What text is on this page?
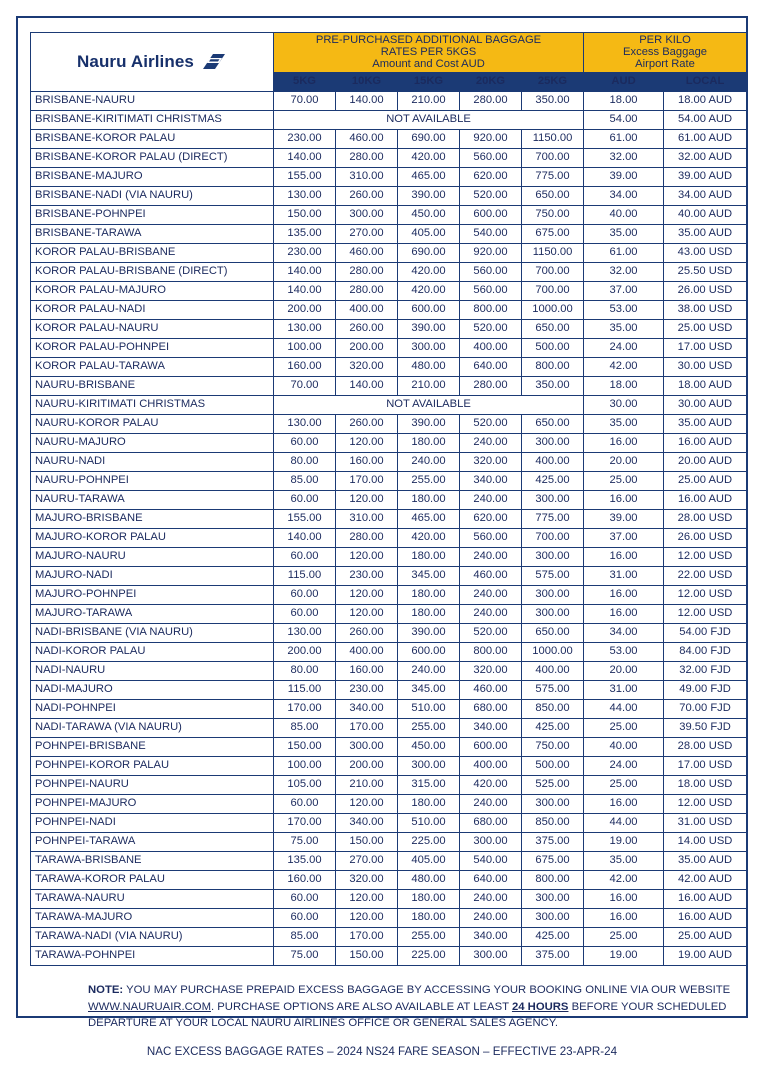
Nauru Airlines	PRE-PURCHASED ADDITIONAL BAGGAGE
RATES PER 5KGS
Amount and Cost AUD					PER KILO
Excess Baggage
Airport Rate	

	5KG	10KG	15KG	20KG	25KG	AUD	LOCAL
BRISBANE-NAURU	70.00	140.00	210.00	280.00	350.00	18.00	18.00 AUD
BRISBANE-KIRITIMATI CHRISTMAS	NOT AVAILABLE					54.00	54.00 AUD
BRISBANE-KOROR PALAU	230.00	460.00	690.00	920.00	1150.00	61.00	61.00 AUD
BRISBANE-KOROR PALAU (DIRECT)	140.00	280.00	420.00	560.00	700.00	32.00	32.00 AUD
BRISBANE-MAJURO	155.00	310.00	465.00	620.00	775.00	39.00	39.00 AUD
BRISBANE-NADI (VIA NAURU)	130.00	260.00	390.00	520.00	650.00	34.00	34.00 AUD
BRISBANE-POHNPEI	150.00	300.00	450.00	600.00	750.00	40.00	40.00 AUD
BRISBANE-TARAWA	135.00	270.00	405.00	540.00	675.00	35.00	35.00 AUD
KOROR PALAU-BRISBANE	230.00	460.00	690.00	920.00	1150.00	61.00	43.00 USD
KOROR PALAU-BRISBANE (DIRECT)	140.00	280.00	420.00	560.00	700.00	32.00	25.50 USD
KOROR PALAU-MAJURO	140.00	280.00	420.00	560.00	700.00	37.00	26.00 USD
KOROR PALAU-NADI	200.00	400.00	600.00	800.00	1000.00	53.00	38.00 USD
KOROR PALAU-NAURU	130.00	260.00	390.00	520.00	650.00	35.00	25.00 USD
KOROR PALAU-POHNPEI	100.00	200.00	300.00	400.00	500.00	24.00	17.00 USD
KOROR PALAU-TARAWA	160.00	320.00	480.00	640.00	800.00	42.00	30.00 USD
NAURU-BRISBANE	70.00	140.00	210.00	280.00	350.00	18.00	18.00 AUD
NAURU-KIRITIMATI CHRISTMAS	NOT AVAILABLE					30.00	30.00 AUD
NAURU-KOROR PALAU	130.00	260.00	390.00	520.00	650.00	35.00	35.00 AUD
NAURU-MAJURO	60.00	120.00	180.00	240.00	300.00	16.00	16.00 AUD
NAURU-NADI	80.00	160.00	240.00	320.00	400.00	20.00	20.00 AUD
NAURU-POHNPEI	85.00	170.00	255.00	340.00	425.00	25.00	25.00 AUD
NAURU-TARAWA	60.00	120.00	180.00	240.00	300.00	16.00	16.00 AUD
MAJURO-BRISBANE	155.00	310.00	465.00	620.00	775.00	39.00	28.00 USD
MAJURO-KOROR PALAU	140.00	280.00	420.00	560.00	700.00	37.00	26.00 USD
MAJURO-NAURU	60.00	120.00	180.00	240.00	300.00	16.00	12.00 USD
MAJURO-NADI	115.00	230.00	345.00	460.00	575.00	31.00	22.00 USD
MAJURO-POHNPEI	60.00	120.00	180.00	240.00	300.00	16.00	12.00 USD
MAJURO-TARAWA	60.00	120.00	180.00	240.00	300.00	16.00	12.00 USD
NADI-BRISBANE (VIA NAURU)	130.00	260.00	390.00	520.00	650.00	34.00	54.00 FJD
NADI-KOROR PALAU	200.00	400.00	600.00	800.00	1000.00	53.00	84.00 FJD
NADI-NAURU	80.00	160.00	240.00	320.00	400.00	20.00	32.00 FJD
NADI-MAJURO	115.00	230.00	345.00	460.00	575.00	31.00	49.00 FJD
NADI-POHNPEI	170.00	340.00	510.00	680.00	850.00	44.00	70.00 FJD
NADI-TARAWA (VIA NAURU)	85.00	170.00	255.00	340.00	425.00	25.00	39.50 FJD
POHNPEI-BRISBANE	150.00	300.00	450.00	600.00	750.00	40.00	28.00 USD
POHNPEI-KOROR PALAU	100.00	200.00	300.00	400.00	500.00	24.00	17.00 USD
POHNPEI-NAURU	105.00	210.00	315.00	420.00	525.00	25.00	18.00 USD
POHNPEI-MAJURO	60.00	120.00	180.00	240.00	300.00	16.00	12.00 USD
POHNPEI-NADI	170.00	340.00	510.00	680.00	850.00	44.00	31.00 USD
POHNPEI-TARAWA	75.00	150.00	225.00	300.00	375.00	19.00	14.00 USD
TARAWA-BRISBANE	135.00	270.00	405.00	540.00	675.00	35.00	35.00 AUD
TARAWA-KOROR PALAU	160.00	320.00	480.00	640.00	800.00	42.00	42.00 AUD
TARAWA-NAURU	60.00	120.00	180.00	240.00	300.00	16.00	16.00 AUD
TARAWA-MAJURO	60.00	120.00	180.00	240.00	300.00	16.00	16.00 AUD
TARAWA-NADI (VIA NAURU)	85.00	170.00	255.00	340.00	425.00	25.00	25.00 AUD
TARAWA-POHNPEI	75.00	150.00	225.00	300.00	375.00	19.00	19.00 AUD
NOTE: YOU MAY PURCHASE PREPAID EXCESS BAGGAGE BY ACCESSING YOUR BOOKING ONLINE VIA OUR WEBSITE WWW.NAURUAIR.COM. PURCHASE OPTIONS ARE ALSO AVAILABLE AT LEAST 24 HOURS BEFORE YOUR SCHEDULED DEPARTURE AT YOUR LOCAL NAURU AIRLINES OFFICE OR GENERAL SALES AGENCY.
NAC EXCESS BAGGAGE RATES – 2024 NS24 FARE SEASON – EFFECTIVE 23-APR-24
